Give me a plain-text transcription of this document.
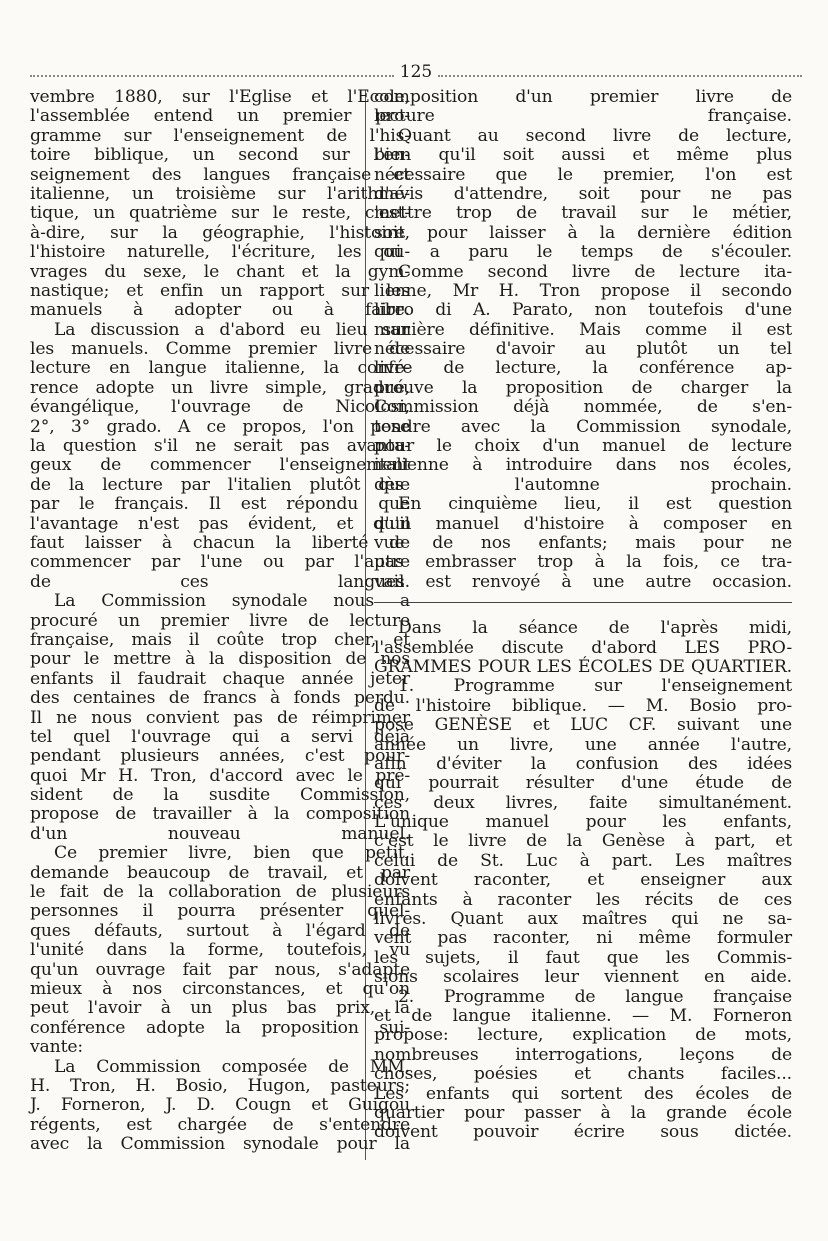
125
vembre 1880, sur l'Eglise et l'Ecole,
l'assemblée entend un premier pro-
gramme sur l'enseignement de l'his-
toire biblique, un second sur l'en-
seignement des langues française et
italienne, un troisième sur l'arithmé-
tique, un quatrième sur le reste, c'est-
à-dire, sur la géographie, l'histoire,
l'histoire naturelle, l'écriture, les ou-
vrages du sexe, le chant et la gym-
nastique; et enfin un rapport sur les
manuels à adopter ou à faire.
La discussion a d'abord eu lieu sur
les manuels. Comme premier livre de
lecture en langue italienne, la confé-
rence adopte un livre simple, gradué,
évangélique, l'ouvrage de Nicolosi,
2°, 3° grado. A ce propos, l'on pose
la question s'il ne serait pas avanta-
geux de commencer l'enseignement
de la lecture par l'italien plutôt que
par le français. Il est répondu que
l'avantage n'est pas évident, et qu'il
faut laisser à chacun la liberté de
commencer par l'une ou par l'autre
de ces langues.
La Commission synodale nous a
procuré un premier livre de lecture
française, mais il coûte trop cher, et
pour le mettre à la disposition de nos
enfants il faudrait chaque année jeter
des centaines de francs à fonds perdu.
Il ne nous convient pas de réimprimer
tel quel l'ouvrage qui a servi déjà
pendant plusieurs années, c'est pour-
quoi Mr H. Tron, d'accord avec le pré-
sident de la susdite Commission,
propose de travailler à la composition
d'un nouveau manuel.
Ce premier livre, bien que petit,
demande beaucoup de travail, et par
le fait de la collaboration de plusieurs
personnes il pourra présenter quel-
ques défauts, surtout à l'égard de
l'unité dans la forme, toutefois, vu
qu'un ouvrage fait par nous, s'adapte
mieux à nos circonstances, et qu'on
peut l'avoir à un plus bas prix, la
conférence adopte la proposition sui-
vante:
La Commission composée de MM.
H. Tron, H. Bosio, Hugon, pasteurs;
J. Forneron, J. D. Cougn et Guigou
régents, est chargée de s'entendre
avec la Commission synodale pour la
composition d'un premier livre de
lecture française.
Quant au second livre de lecture,
bien qu'il soit aussi et même plus
nécessaire que le premier, l'on est
d'avis d'attendre, soit pour ne pas
mettre trop de travail sur le métier,
soit pour laisser à la dernière édition
qui a paru le temps de s'écouler.
Comme second livre de lecture ita-
lienne, Mr H. Tron propose il secondo
libro di A. Parato, non toutefois d'une
manière définitive. Mais comme il est
nécessaire d'avoir au plutôt un tel
livre de lecture, la conférence ap-
prouve la proposition de charger la
Commission déjà nommée, de s'en-
tendre avec la Commission synodale,
pour le choix d'un manuel de lecture
italienne à introduire dans nos écoles,
dès l'automne prochain.
En cinquième lieu, il est question
d'un manuel d'histoire à composer en
vue de nos enfants; mais pour ne
pas embrasser trop à la fois, ce tra-
vail est renvoyé à une autre occasion.
Dans la séance de l'après midi,
l'assemblée discute d'abord LES PRO-
GRAMMES POUR LES ÉCOLES DE QUARTIER.
1. Programme sur l'enseignement
de l'histoire biblique. — M. Bosio pro-
pose GENÈSE et LUC CF. suivant une
année un livre, une année l'autre,
afin d'éviter la confusion des idées
qui pourrait résulter d'une étude de
ces deux livres, faite simultanément.
L'unique manuel pour les enfants,
c'est le livre de la Genèse à part, et
celui de St. Luc à part. Les maîtres
doivent raconter, et enseigner aux
enfants à raconter les récits de ces
livres. Quant aux maîtres qui ne sa-
vent pas raconter, ni même formuler
les sujets, il faut que les Commis-
sions scolaires leur viennent en aide.
2. Programme de langue française
et de langue italienne. — M. Forneron
propose: lecture, explication de mots,
nombreuses interrogations, leçons de
choses, poésies et chants faciles...
Les enfants qui sortent des écoles de
quartier pour passer à la grande école
doivent pouvoir écrire sous dictée.
